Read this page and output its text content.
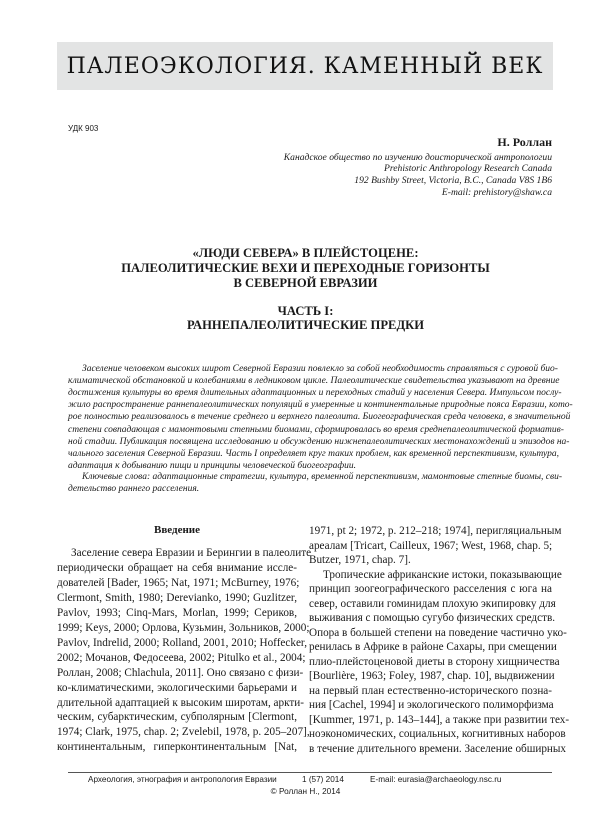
ПАЛЕОЭКОЛОГИЯ. КАМЕННЫЙ ВЕК
УДК 903
Н. Роллан
Канадское общество по изучению доисторической антропологии
Prehistoric Anthropology Research Canada
192 Bushby Street, Victoria, B.C., Canada V8S 1B6
E-mail: prehistory@shaw.ca
«ЛЮДИ СЕВЕРА» В ПЛЕЙСТОЦЕНЕ:
ПАЛЕОЛИТИЧЕСКИЕ ВЕХИ И ПЕРЕХОДНЫЕ ГОРИЗОНТЫ
В СЕВЕРНОЙ ЕВРАЗИИ
ЧАСТЬ I:
РАННЕПАЛЕОЛИТИЧЕСКИЕ ПРЕДКИ
Заселение человеком высоких широт Северной Евразии повлекло за собой необходимость справляться с суровой био-
климатической обстановкой и колебаниями в ледниковом цикле. Палеолитические свидетельства указывают на древние
достижения культуры во время длительных адаптационных и переходных стадий у населения Севера. Импульсом послу-
жило распространение раннепалеолитических популяций в умеренные и континентальные природные пояса Евразии, кото-
рое полностью реализовалось в течение среднего и верхнего палеолита. Биогеографическая среда человека, в значительной
степени совпадающая с мамонтовыми степными биомами, сформировалась во время среднепалеолитической форматив-
ной стадии. Публикация посвящена исследованию и обсуждению нижнепалеолитических местонахождений и эпизодов на-
чального заселения Северной Евразии. Часть I определяет круг таких проблем, как временной перспективизм, культура,
адаптация к добыванию пищи и принципы человеческой биогеографии.
Ключевые слова: адаптационные стратегии, культура, временной перспективизм, мамонтовые степные биомы, сви-
детельство раннего расселения.
Введение
Заселение севера Евразии и Берингии в палеолите
периодически обращает на себя внимание иссле-
дователей [Bader, 1965; Nat, 1971; McBurney, 1976;
Clermont, Smith, 1980; Derevianko, 1990; Guzlitzer,
Pavlov, 1993; Cinq-Mars, Morlan, 1999; Сериков,
1999; Keys, 2000; Орлова, Кузьмин, Зольников, 2000;
Pavlov, Indrelid, 2000; Rolland, 2001, 2010; Hoffecker,
2002; Мочанов, Федосеева, 2002; Pitulko et al., 2004;
Роллан, 2008; Chlachula, 2011]. Оно связано с физи-
ко-климатическими, экологическими барьерами и
длительной адаптацией к высоким широтам, аркти-
ческим, субарктическим, субполярным [Clermont,
1974; Clark, 1975, chap. 2; Zvelebil, 1978, p. 205–207],
континентальным, гиперконтинентальным [Nat,
1971, pt 2; 1972, p. 212–218; 1974], перигляциальным
ареалам [Tricart, Cailleux, 1967; West, 1968, chap. 5;
Butzer, 1971, chap. 7].
Тропические африканские истоки, показывающие
принцип зоогеографического расселения с юга на
север, оставили гоминидам плохую экипировку для
выживания с помощью сугубо физических средств.
Опора в большей степени на поведение частично уко-
ренилась в Африке в районе Сахары, при смещении
плио-плейстоценовой диеты в сторону хищничества
[Bourlière, 1963; Foley, 1987, chap. 10], выдвижении
на первый план естественно-исторического позна-
ния [Cachel, 1994] и экологического полиморфизма
[Kummer, 1971, p. 143–144], а также при развитии тех-
ноэкономических, социальных, когнитивных наборов
в течение длительного времени. Заселение обширных
Археология, этнография и антропология Евразии	1 (57) 2014	E-mail: eurasia@archaeology.nsc.ru
© Роллан Н., 2014
